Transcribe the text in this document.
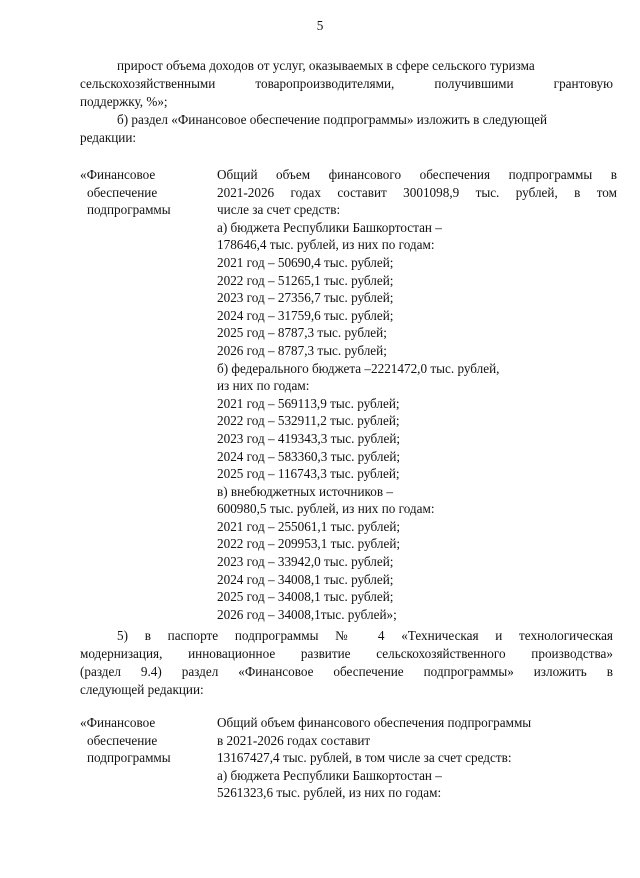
5
прирост объема доходов от услуг, оказываемых в сфере сельского туризма
сельскохозяйственными товаропроизводителями, получившими грантовую
поддержку, %»;
б) раздел «Финансовое обеспечение подпрограммы» изложить в следующей
редакции:
«Финансовое
обеспечение
подпрограммы
Общий объем финансового обеспечения подпрограммы в
2021-2026 годах составит 3001098,9 тыс. рублей, в том
числе за счет средств:
а) бюджета Республики Башкортостан –
178646,4 тыс. рублей, из них по годам:
2021 год – 50690,4 тыс. рублей;
2022 год – 51265,1 тыс. рублей;
2023 год – 27356,7 тыс. рублей;
2024 год – 31759,6 тыс. рублей;
2025 год – 8787,3 тыс. рублей;
2026 год – 8787,3 тыс. рублей;
б) федерального бюджета –2221472,0 тыс. рублей,
из них по годам:
2021 год – 569113,9 тыс. рублей;
2022 год – 532911,2 тыс. рублей;
2023 год – 419343,3 тыс. рублей;
2024 год – 583360,3 тыс. рублей;
2025 год – 116743,3 тыс. рублей;
в) внебюджетных источников –
600980,5 тыс. рублей, из них по годам:
2021 год – 255061,1 тыс. рублей;
2022 год – 209953,1 тыс. рублей;
2023 год – 33942,0 тыс. рублей;
2024 год – 34008,1 тыс. рублей;
2025 год – 34008,1 тыс. рублей;
2026 год – 34008,1тыс. рублей»;
5) в паспорте подпрограммы № 4 «Техническая и технологическая
модернизация, инновационное развитие сельскохозяйственного производства»
(раздел 9.4) раздел «Финансовое обеспечение подпрограммы» изложить в
следующей редакции:
«Финансовое
обеспечение
подпрограммы
Общий объем финансового обеспечения подпрограммы
в 2021-2026 годах составит
13167427,4 тыс. рублей, в том числе за счет средств:
а) бюджета Республики Башкортостан –
5261323,6 тыс. рублей, из них по годам:
